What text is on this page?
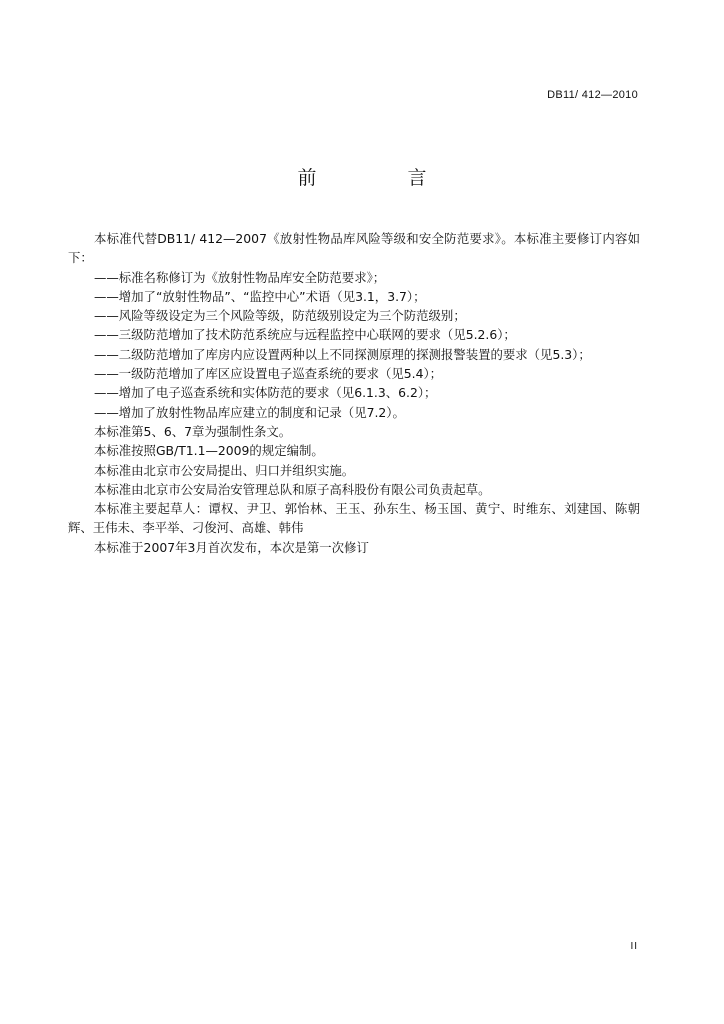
DB11/ 412—2010
前　言

本标准代替DB11/ 412—2007《放射性物品库风险等级和安全防范要求》。本标准主要修订内容如下：

——标准名称修订为《放射性物品库安全防范要求》；

——增加了“放射性物品”、“监控中心”术语（见3.1，3.7）；

——风险等级设定为三个风险等级，防范级别设定为三个防范级别；

——三级防范增加了技术防范系统应与远程监控中心联网的要求（见5.2.6）；

——二级防范增加了库房内应设置两种以上不同探测原理的探测报警装置的要求（见5.3）；

——一级防范增加了库区应设置电子巡查系统的要求（见5.4）；

——增加了电子巡查系统和实体防范的要求（见6.1.3、6.2）；

——增加了放射性物品库应建立的制度和记录（见7.2）。

本标准第5、6、7章为强制性条文。

本标准按照GB/T1.1—2009的规定编制。

本标准由北京市公安局提出、归口并组织实施。

本标准由北京市公安局治安管理总队和原子高科股份有限公司负责起草。

本标准主要起草人：谭权、尹卫、郭怡林、王玉、孙东生、杨玉国、黄宁、时维东、刘建国、陈朝辉、王伟未、李平举、刁俊河、高雄、韩伟

本标准于2007年3月首次发布，本次是第一次修订

II
